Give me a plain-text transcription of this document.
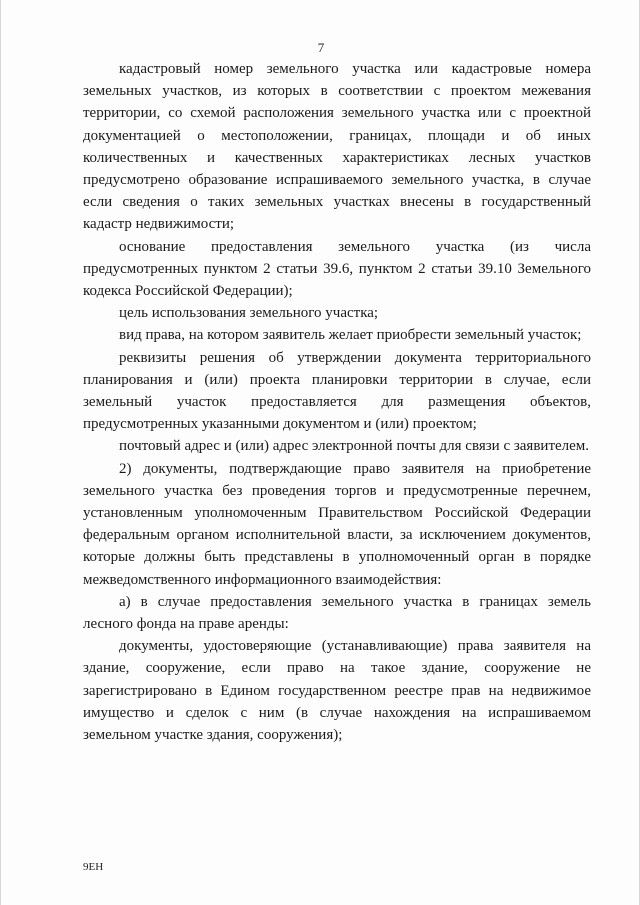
7

кадастровый номер земельного участка или кадастровые номера земельных участков, из которых в соответствии с проектом межевания территории, со схемой расположения земельного участка или с проектной документацией о местоположении, границах, площади и об иных количественных и качественных характеристиках лесных участков предусмотрено образование испрашиваемого земельного участка, в случае если сведения о таких земельных участках внесены в государственный кадастр недвижимости;

основание предоставления земельного участка (из числа предусмотренных пунктом 2 статьи 39.6, пунктом 2 статьи 39.10 Земельного кодекса Российской Федерации);

цель использования земельного участка;

вид права, на котором заявитель желает приобрести земельный участок;

реквизиты решения об утверждении документа территориального планирования и (или) проекта планировки территории в случае, если земельный участок предоставляется для размещения объектов, предусмотренных указанными документом и (или) проектом;

почтовый адрес и (или) адрес электронной почты для связи с заявителем.

2) документы, подтверждающие право заявителя на приобретение земельного участка без проведения торгов и предусмотренные перечнем, установленным уполномоченным Правительством Российской Федерации федеральным органом исполнительной власти, за исключением документов, которые должны быть представлены в уполномоченный орган в порядке межведомственного информационного взаимодействия:

а) в случае предоставления земельного участка в границах земель лесного фонда на праве аренды:

документы, удостоверяющие (устанавливающие) права заявителя на здание, сооружение, если право на такое здание, сооружение не зарегистрировано в Едином государственном реестре прав на недвижимое имущество и сделок с ним (в случае нахождения на испрашиваемом земельном участке здания, сооружения);

9ЕН
